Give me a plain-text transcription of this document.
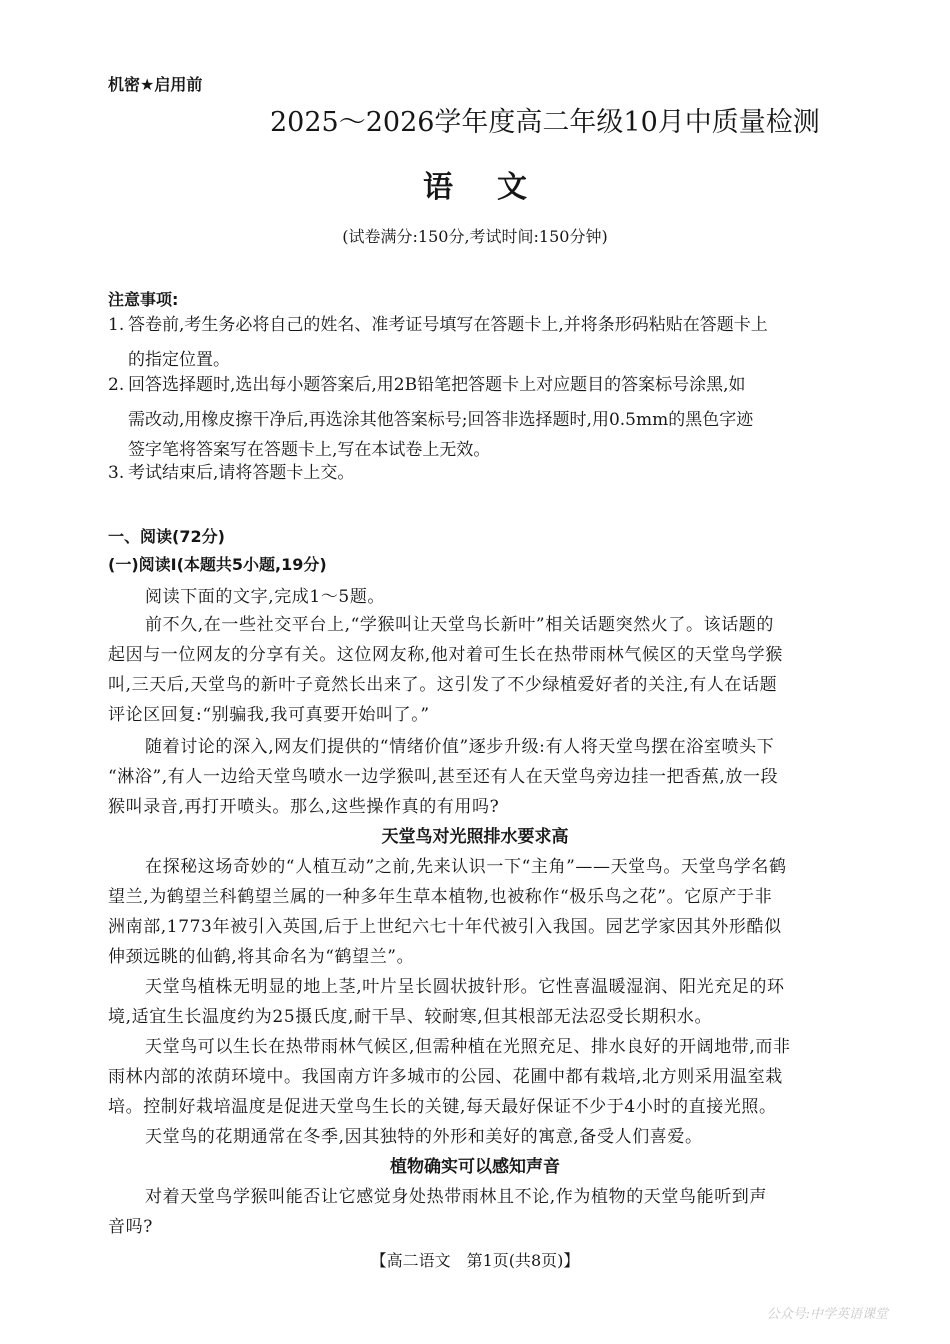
机密★启用前
2025～2026学年度高二年级10月中质量检测
语文
(试卷满分:150分,考试时间:150分钟)
注意事项:
1. 答卷前,考生务必将自己的姓名、准考证号填写在答题卡上,并将条形码粘贴在答题卡上
的指定位置。
2. 回答选择题时,选出每小题答案后,用2B铅笔把答题卡上对应题目的答案标号涂黑,如
需改动,用橡皮擦干净后,再选涂其他答案标号;回答非选择题时,用0.5mm的黑色字迹
签字笔将答案写在答题卡上,写在本试卷上无效。
3. 考试结束后,请将答题卡上交。
一、阅读(72分)
(一)阅读Ⅰ(本题共5小题,19分)
阅读下面的文字,完成1～5题。
前不久,在一些社交平台上,“学猴叫让天堂鸟长新叶”相关话题突然火了。该话题的
起因与一位网友的分享有关。这位网友称,他对着可生长在热带雨林气候区的天堂鸟学猴
叫,三天后,天堂鸟的新叶子竟然长出来了。这引发了不少绿植爱好者的关注,有人在话题
评论区回复:“别骗我,我可真要开始叫了。”
随着讨论的深入,网友们提供的“情绪价值”逐步升级:有人将天堂鸟摆在浴室喷头下
“淋浴”,有人一边给天堂鸟喷水一边学猴叫,甚至还有人在天堂鸟旁边挂一把香蕉,放一段
猴叫录音,再打开喷头。那么,这些操作真的有用吗?
天堂鸟对光照排水要求高
在探秘这场奇妙的“人植互动”之前,先来认识一下“主角”——天堂鸟。天堂鸟学名鹤
望兰,为鹤望兰科鹤望兰属的一种多年生草本植物,也被称作“极乐鸟之花”。它原产于非
洲南部,1773年被引入英国,后于上世纪六七十年代被引入我国。园艺学家因其外形酷似
伸颈远眺的仙鹤,将其命名为“鹤望兰”。
天堂鸟植株无明显的地上茎,叶片呈长圆状披针形。它性喜温暖湿润、阳光充足的环
境,适宜生长温度约为25摄氏度,耐干旱、较耐寒,但其根部无法忍受长期积水。
天堂鸟可以生长在热带雨林气候区,但需种植在光照充足、排水良好的开阔地带,而非
雨林内部的浓荫环境中。我国南方许多城市的公园、花圃中都有栽培,北方则采用温室栽
培。控制好栽培温度是促进天堂鸟生长的关键,每天最好保证不少于4小时的直接光照。
天堂鸟的花期通常在冬季,因其独特的外形和美好的寓意,备受人们喜爱。
植物确实可以感知声音
对着天堂鸟学猴叫能否让它感觉身处热带雨林且不论,作为植物的天堂鸟能听到声
音吗?
【高二语文　第1页(共8页)】
公众号:中学英语课堂
